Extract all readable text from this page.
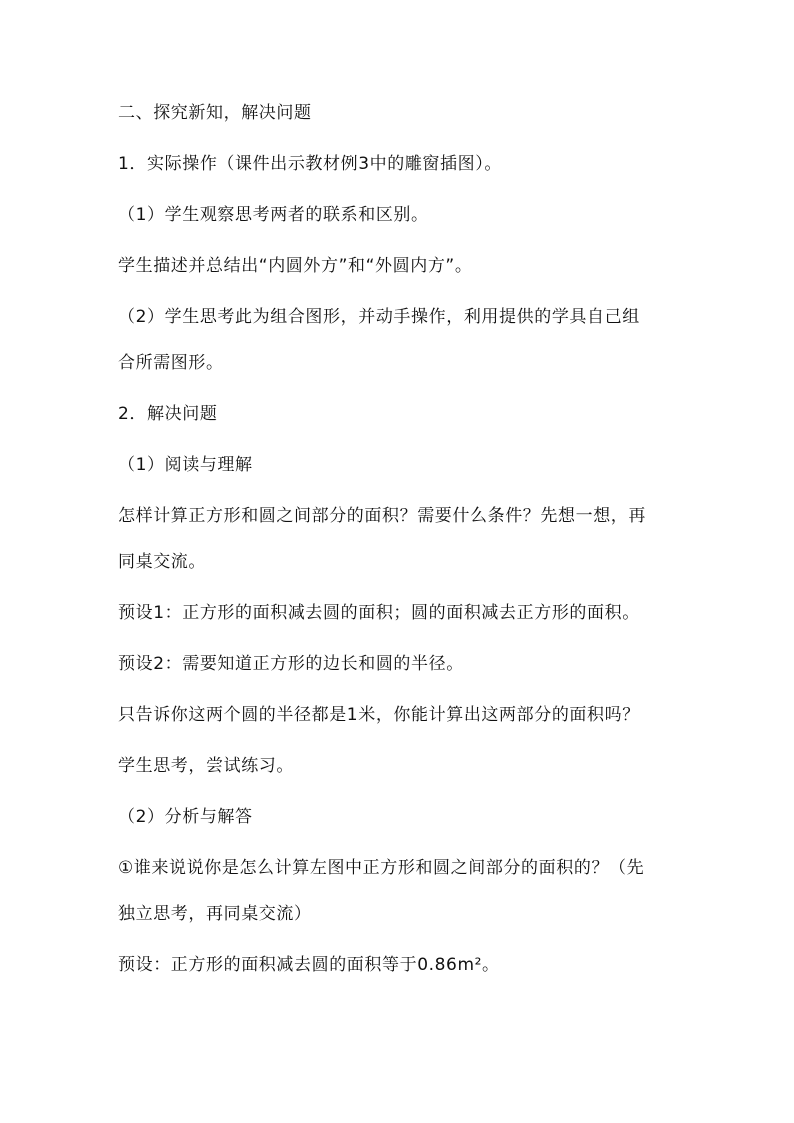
二、探究新知，解决问题

1．实际操作（课件出示教材例3中的雕窗插图）。

（1）学生观察思考两者的联系和区别。

学生描述并总结出“内圆外方”和“外圆内方”。

（2）学生思考此为组合图形，并动手操作，利用提供的学具自己组

合所需图形。

2．解决问题

（1）阅读与理解

怎样计算正方形和圆之间部分的面积？需要什么条件？先想一想，再

同桌交流。

预设1：正方形的面积减去圆的面积；圆的面积减去正方形的面积。

预设2：需要知道正方形的边长和圆的半径。

只告诉你这两个圆的半径都是1米，你能计算出这两部分的面积吗？

学生思考，尝试练习。

（2）分析与解答

①谁来说说你是怎么计算左图中正方形和圆之间部分的面积的？（先

独立思考，再同桌交流）

预设：正方形的面积减去圆的面积等于0.86m²。
